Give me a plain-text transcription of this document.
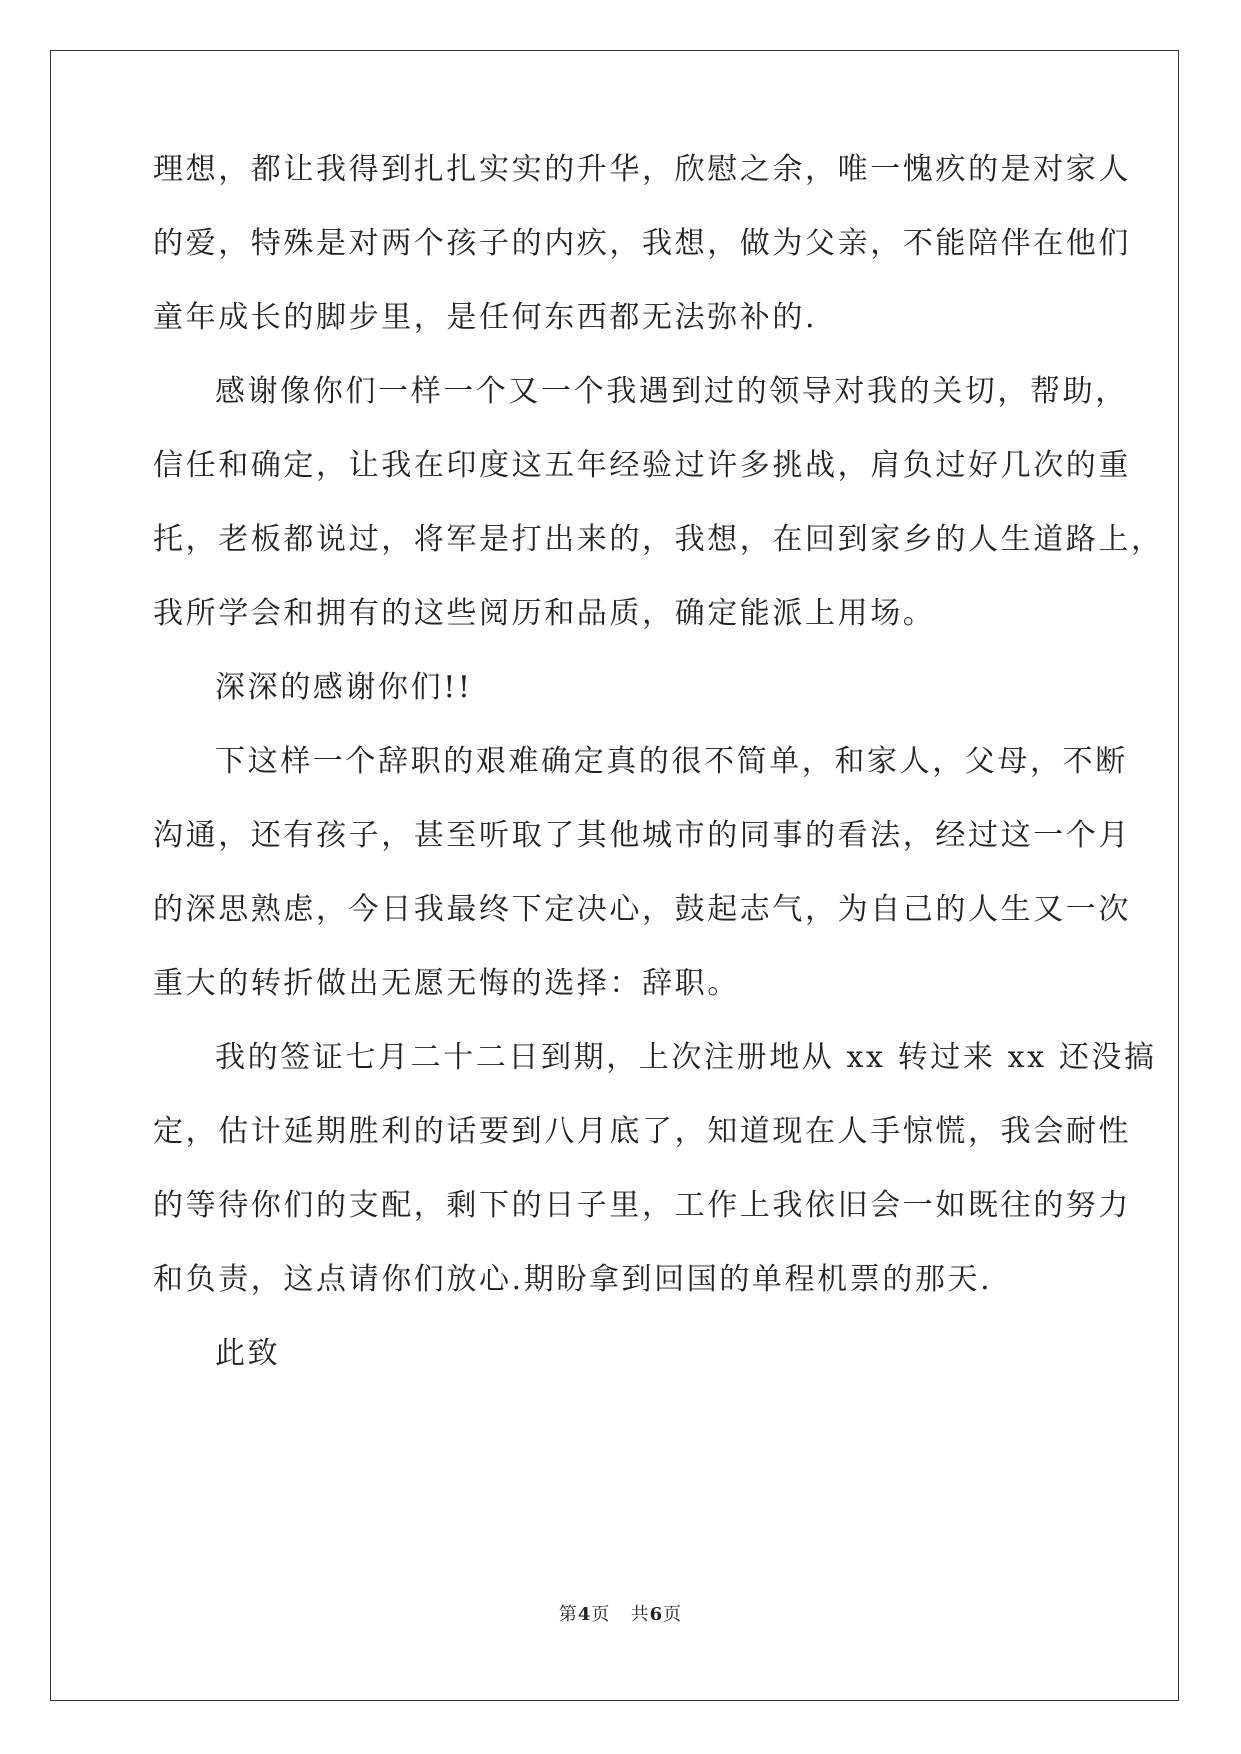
理想，都让我得到扎扎实实的升华，欣慰之余，唯一愧疚的是对家人
的爱，特殊是对两个孩子的内疚，我想，做为父亲，不能陪伴在他们
童年成长的脚步里，是任何东西都无法弥补的.
感谢像你们一样一个又一个我遇到过的领导对我的关切，帮助，
信任和确定，让我在印度这五年经验过许多挑战，肩负过好几次的重
托，老板都说过，将军是打出来的，我想，在回到家乡的人生道路上，
我所学会和拥有的这些阅历和品质，确定能派上用场。
深深的感谢你们!!
下这样一个辞职的艰难确定真的很不简单，和家人，父母，不断
沟通，还有孩子，甚至听取了其他城市的同事的看法，经过这一个月
的深思熟虑，今日我最终下定决心，鼓起志气，为自己的人生又一次
重大的转折做出无愿无悔的选择：辞职。
我的签证七月二十二日到期，上次注册地从 xx 转过来 xx 还没搞
定，估计延期胜利的话要到八月底了，知道现在人手惊慌，我会耐性
的等待你们的支配，剩下的日子里，工作上我依旧会一如既往的努力
和负责，这点请你们放心.期盼拿到回国的单程机票的那天.
此致
第4页 共6页
